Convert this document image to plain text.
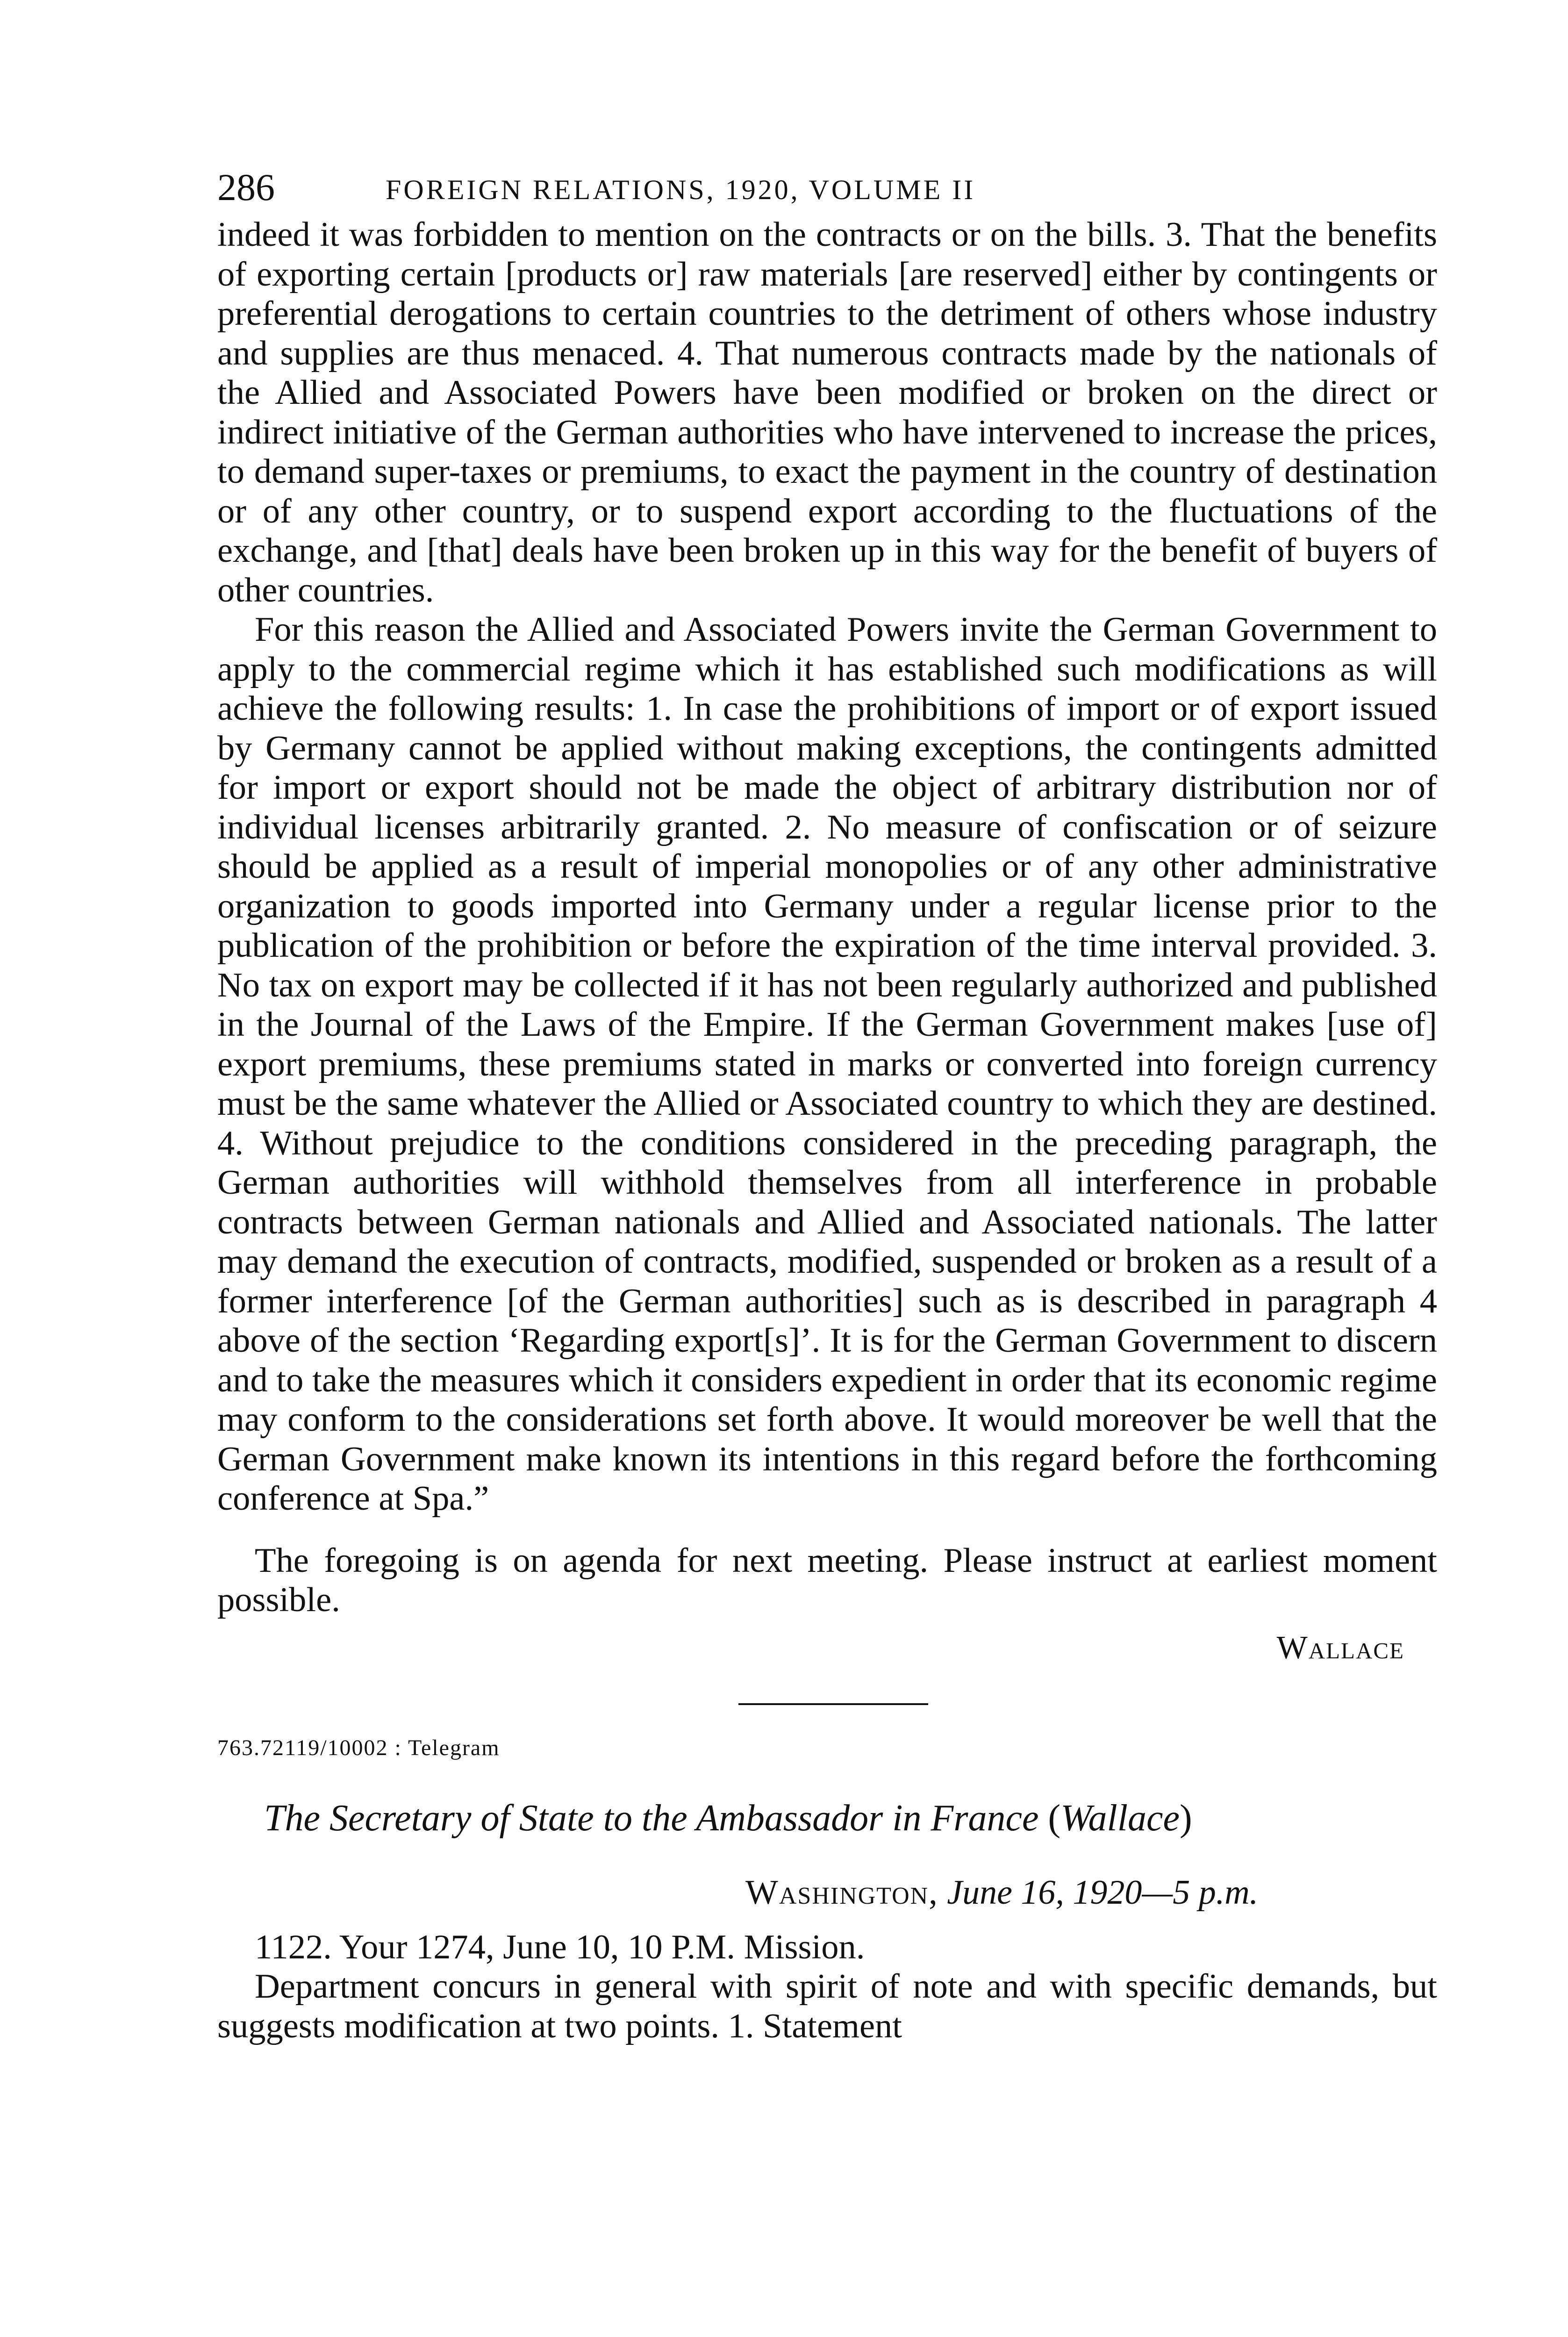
286	FOREIGN RELATIONS, 1920, VOLUME II

indeed it was forbidden to mention on the contracts or on the bills. 3. That the benefits of exporting certain [products or] raw materials [are reserved] either by contingents or preferential derogations to certain countries to the detriment of others whose industry and supplies are thus menaced. 4. That numerous contracts made by the nationals of the Allied and Associated Powers have been modified or broken on the direct or indirect initiative of the German authorities who have intervened to increase the prices, to demand super-taxes or premiums, to exact the payment in the country of destination or of any other country, or to suspend export according to the fluctuations of the exchange, and [that] deals have been broken up in this way for the benefit of buyers of other countries.

For this reason the Allied and Associated Powers invite the German Government to apply to the commercial regime which it has established such modifications as will achieve the following results: 1. In case the prohibitions of import or of export issued by Germany cannot be applied without making exceptions, the contingents admitted for import or export should not be made the object of arbitrary distribution nor of individual licenses arbitrarily granted. 2. No measure of confiscation or of seizure should be applied as a result of imperial monopolies or of any other administrative organization to goods imported into Germany under a regular license prior to the publication of the prohibition or before the expiration of the time interval provided. 3. No tax on export may be collected if it has not been regularly authorized and published in the Journal of the Laws of the Empire. If the German Government makes [use of] export premiums, these premiums stated in marks or converted into foreign currency must be the same whatever the Allied or Associated country to which they are destined. 4. Without prejudice to the conditions considered in the preceding paragraph, the German authorities will withhold themselves from all interference in probable contracts between German nationals and Allied and Associated nationals. The latter may demand the execution of contracts, modified, suspended or broken as a result of a former interference [of the German authorities] such as is described in paragraph 4 above of the section ‘Regarding export[s]’. It is for the German Government to discern and to take the measures which it considers expedient in order that its economic regime may conform to the considerations set forth above. It would moreover be well that the German Government make known its intentions in this regard before the forthcoming conference at Spa.”

The foregoing is on agenda for next meeting. Please instruct at earliest moment possible.

Wallace
763.72119/10002 : Telegram
The Secretary of State to the Ambassador in France (Wallace)
Washington, June 16, 1920—5 p.m.

1122. Your 1274, June 10, 10 P.M. Mission.

Department concurs in general with spirit of note and with specific demands, but suggests modification at two points. 1. Statement
